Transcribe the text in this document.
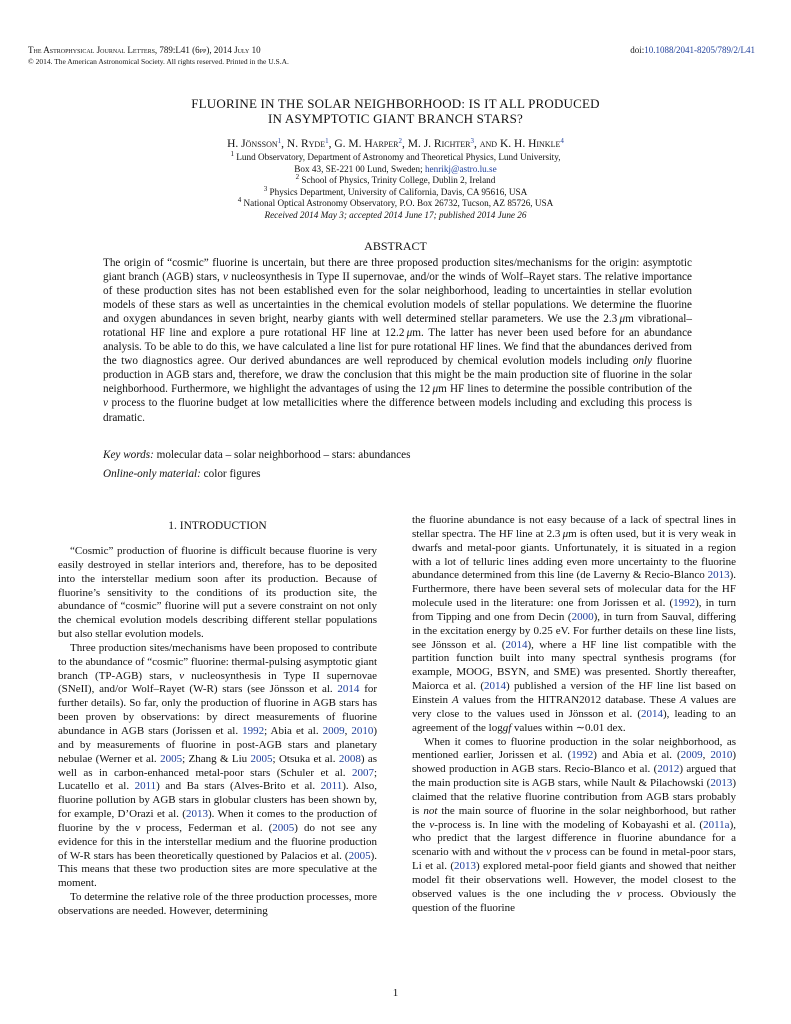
The Astrophysical Journal Letters, 789:L41 (6pp), 2014 July 10	doi:10.1088/2041-8205/789/2/L41
© 2014. The American Astronomical Society. All rights reserved. Printed in the U.S.A.
FLUORINE IN THE SOLAR NEIGHBORHOOD: IS IT ALL PRODUCED
IN ASYMPTOTIC GIANT BRANCH STARS?
H. Jönsson$^1$, N. Ryde$^1$, G. M. Harper$^2$, M. J. Richter$^3$, and K. H. Hinkle$^4$
$^1$ Lund Observatory, Department of Astronomy and Theoretical Physics, Lund University,
Box 43, SE-221 00 Lund, Sweden; henrikj@astro.lu.se
$^2$ School of Physics, Trinity College, Dublin 2, Ireland
$^3$ Physics Department, University of California, Davis, CA 95616, USA
$^4$ National Optical Astronomy Observatory, P.O. Box 26732, Tucson, AZ 85726, USA
Received 2014 May 3; accepted 2014 June 17; published 2014 June 26
ABSTRACT

The origin of “cosmic” fluorine is uncertain, but there are three proposed production sites/mechanisms for the origin: asymptotic giant branch (AGB) stars, ν nucleosynthesis in Type II supernovae, and/or the winds of Wolf–Rayet stars. The relative importance of these production sites has not been established even for the solar neighborhood, leading to uncertainties in stellar evolution models of these stars as well as uncertainties in the chemical evolution models of stellar populations. We determine the fluorine and oxygen abundances in seven bright, nearby giants with well determined stellar parameters. We use the 2.3  μm vibrational–rotational HF line and explore a pure rotational HF line at 12.2  μm. The latter has never been used before for an abundance analysis. To be able to do this, we have calculated a line list for pure rotational HF lines. We find that the abundances derived from the two diagnostics agree. Our derived abundances are well reproduced by chemical evolution models including only fluorine production in AGB stars and, therefore, we draw the conclusion that this might be the main production site of fluorine in the solar neighborhood. Furthermore, we highlight the advantages of using the 12  μm HF lines to determine the possible contribution of the ν process to the fluorine budget at low metallicities where the difference between models including and excluding this process is dramatic.

Key words: molecular data – solar neighborhood – stars: abundances
Online-only material: color figures
1. INTRODUCTION

“Cosmic” production of fluorine is difficult because fluorine is very easily destroyed in stellar interiors and, therefore, has to be deposited into the interstellar medium soon after its production. Because of fluorine’s sensitivity to the conditions of its production site, the abundance of “cosmic” fluorine will put a severe constraint on not only the chemical evolution models describing different stellar populations but also stellar evolution models.

Three production sites/mechanisms have been proposed to contribute to the abundance of “cosmic” fluorine: thermal-pulsing asymptotic giant branch (TP-AGB) stars, ν nucleosynthesis in Type II supernovae (SNeII), and/or Wolf–Rayet (W-R) stars (see Jönsson et al. 2014 for further details). So far, only the production of fluorine in AGB stars has been proven by observations: by direct measurements of fluorine abundance in AGB stars (Jorissen et al. 1992; Abia et al. 2009, 2010) and by measurements of fluorine in post-AGB stars and planetary nebulae (Werner et al. 2005; Zhang & Liu 2005; Otsuka et al. 2008) as well as in carbon-enhanced metal-poor stars (Schuler et al. 2007; Lucatello et al. 2011) and Ba stars (Alves-Brito et al. 2011). Also, fluorine pollution by AGB stars in globular clusters has been shown by, for example, D’Orazi et al. (2013). When it comes to the production of fluorine by the ν process, Federman et al. (2005) do not see any evidence for this in the interstellar medium and the fluorine production of W-R stars has been theoretically questioned by Palacios et al. (2005). This means that these two production sites are more speculative at the moment.

To determine the relative role of the three production processes, more observations are needed. However, determining

the fluorine abundance is not easy because of a lack of spectral lines in stellar spectra. The HF line at 2.3  μm is often used, but it is very weak in dwarfs and metal-poor giants. Unfortunately, it is situated in a region with a lot of telluric lines adding even more uncertainty to the fluorine abundance determined from this line (de Laverny & Recio-Blanco 2013). Furthermore, there have been several sets of molecular data for the HF molecule used in the literature: one from Jorissen et al. (1992), in turn from Tipping and one from Decin (2000), in turn from Sauval, differing in the excitation energy by 0.25 eV. For further details on these line lists, see Jönsson et al. (2014), where a HF line list compatible with the partition function built into many spectral synthesis programs (for example, MOOG, BSYN, and SME) was presented. Shortly thereafter, Maiorca et al. (2014) published a version of the HF line list based on Einstein A values from the HITRAN2012 database. These A values are very close to the values used in Jönsson et al. (2014), leading to an agreement of the loggf values within ∼0.01 dex.

When it comes to fluorine production in the solar neighborhood, as mentioned earlier, Jorissen et al. (1992) and Abia et al. (2009, 2010) showed production in AGB stars. Recio-Blanco et al. (2012) argued that the main production site is AGB stars, while Nault & Pilachowski (2013) claimed that the relative fluorine contribution from AGB stars probably is not the main source of fluorine in the solar neighborhood, but rather the ν-process is. In line with the modeling of Kobayashi et al. (2011a), who predict that the largest difference in fluorine abundance for a scenario with and without the ν process can be found in metal-poor stars, Li et al. (2013) explored metal-poor field giants and showed that neither model fit their observations well. However, the model closest to the observed values is the one including the ν process. Obviously the question of the fluorine

1
